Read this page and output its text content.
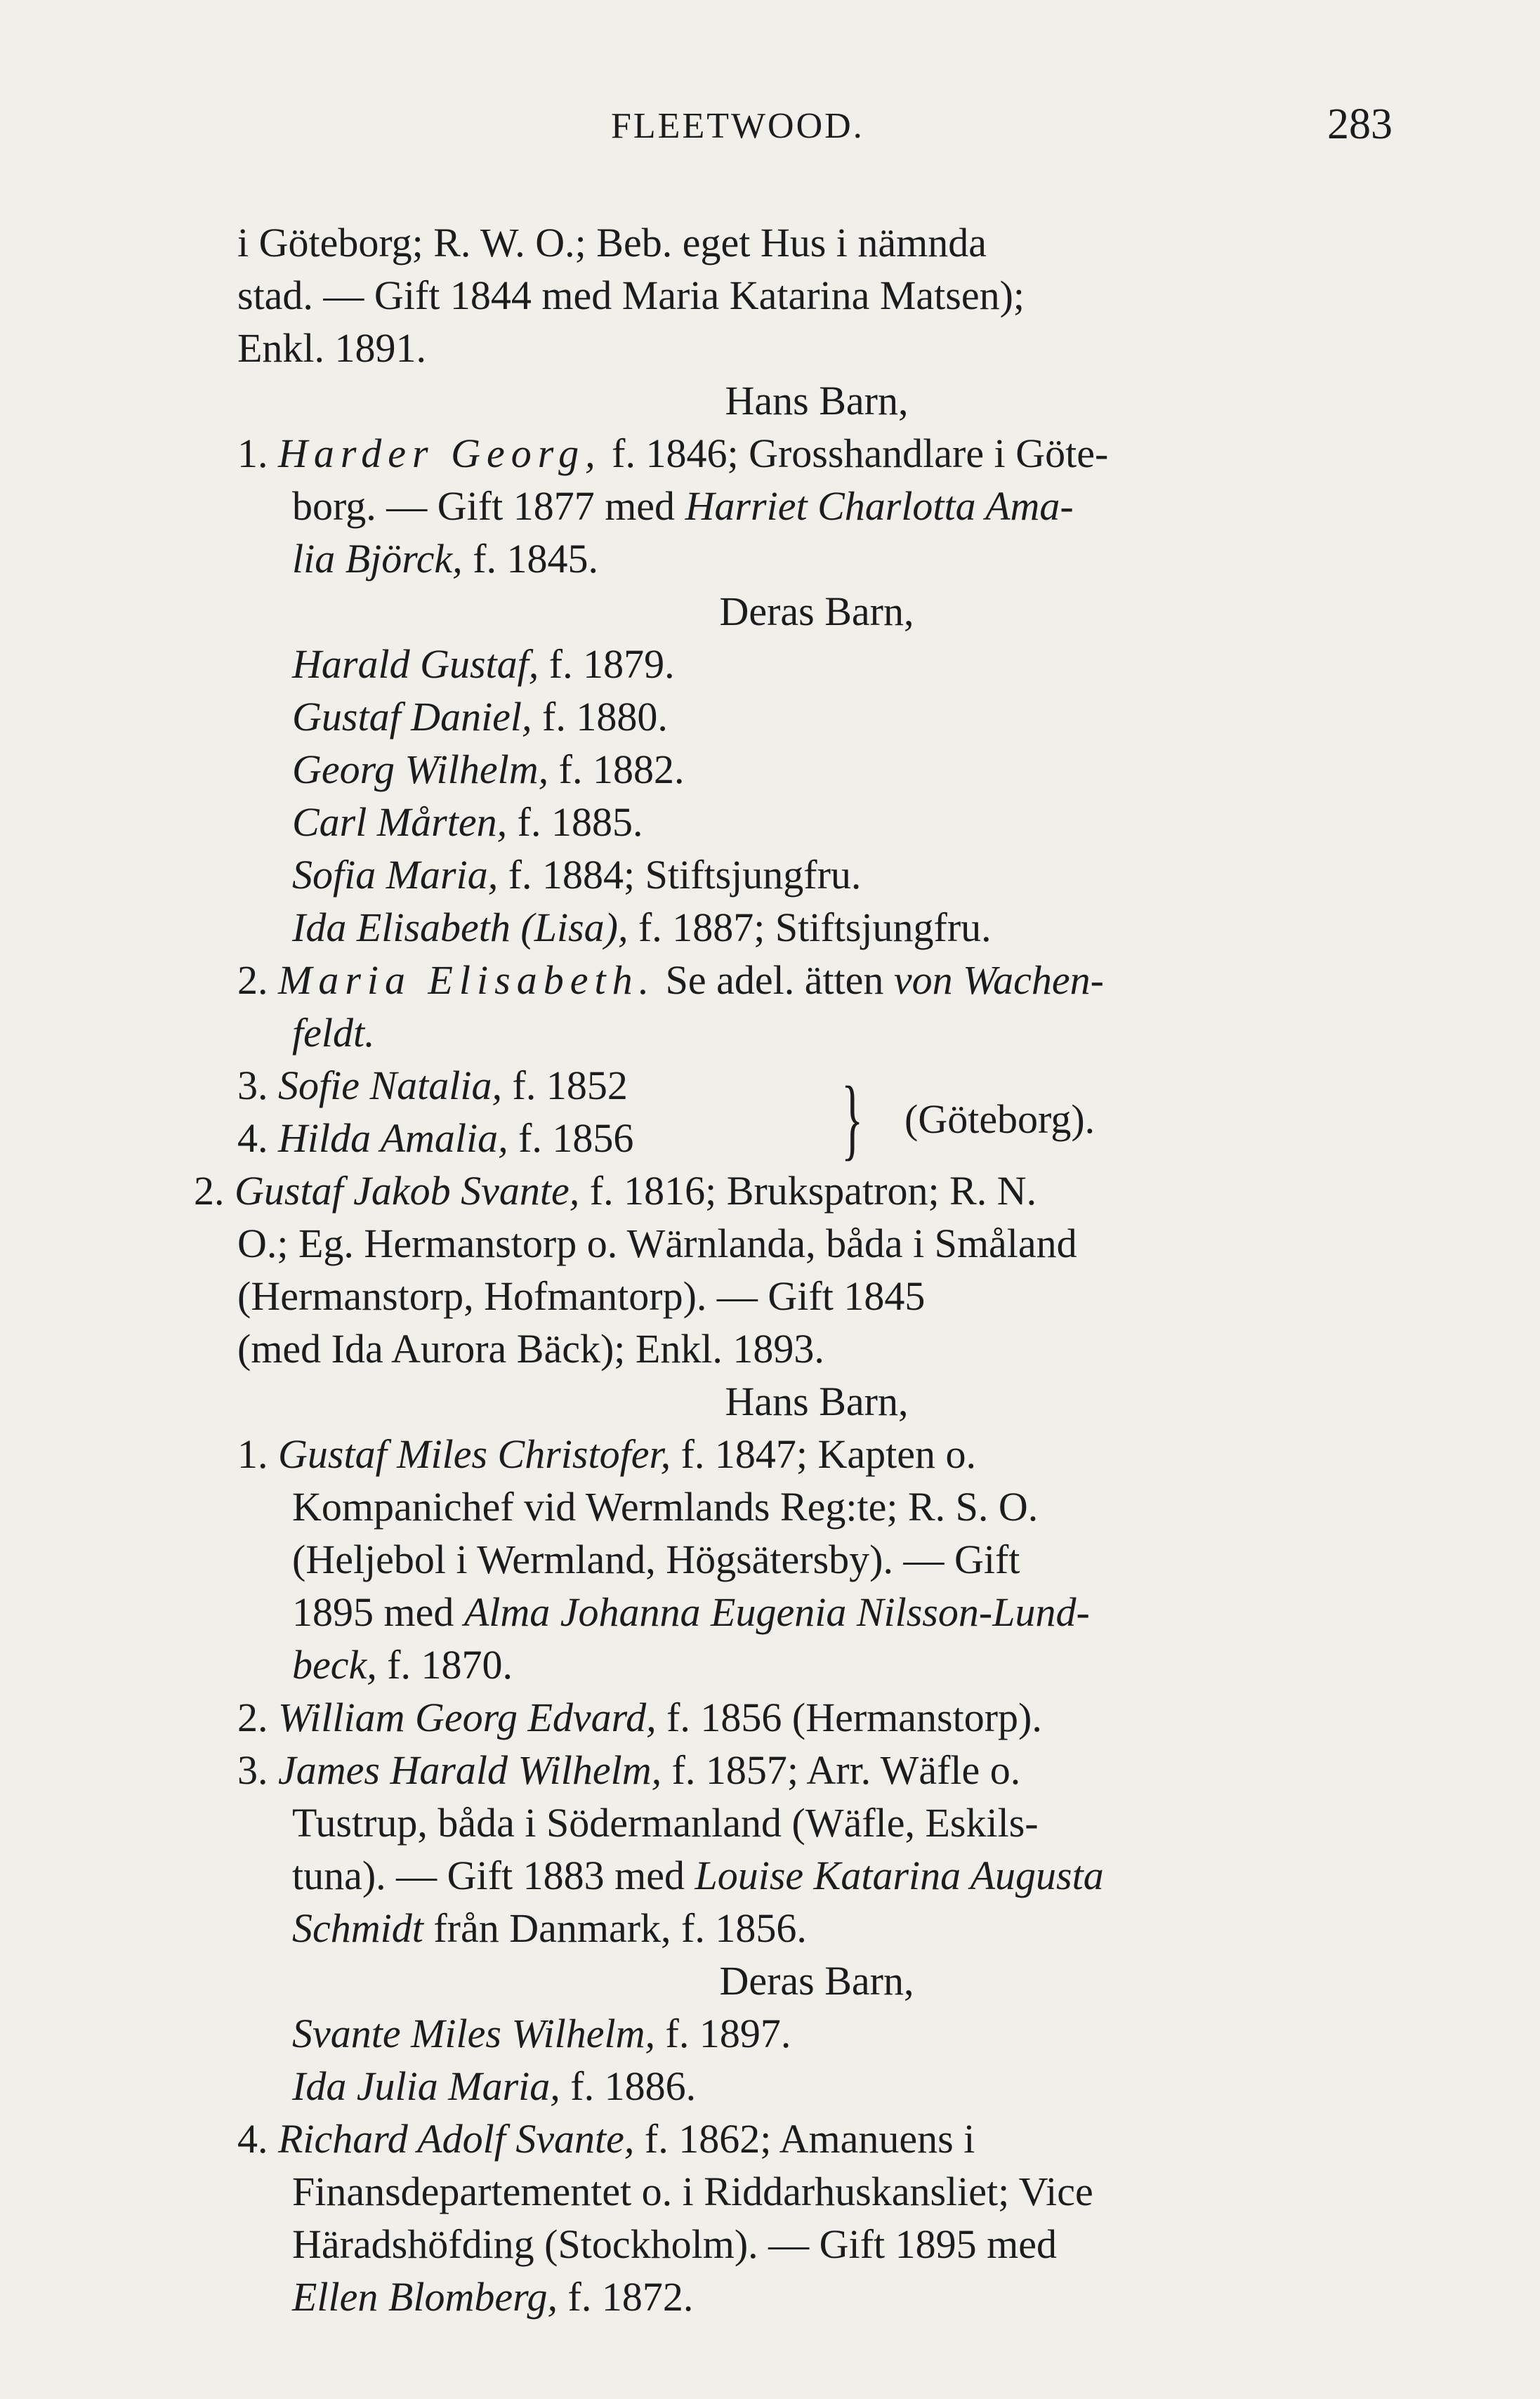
FLEETWOOD.	283
i Göteborg; R. W. O.; Beb. eget Hus i nämnda
stad. — Gift 1844 med Maria Katarina Matsen);
Enkl. 1891.
Hans Barn,
1. Harder Georg, f. 1846; Grosshandlare i Göte-
borg. — Gift 1877 med Harriet Charlotta Ama-
lia Björck, f. 1845.
Deras Barn,
Harald Gustaf, f. 1879.
Gustaf Daniel, f. 1880.
Georg Wilhelm, f. 1882.
Carl Mårten, f. 1885.
Sofia Maria, f. 1884; Stiftsjungfru.
Ida Elisabeth (Lisa), f. 1887; Stiftsjungfru.
2. Maria Elisabeth. Se adel. ätten von Wachen-
feldt.
3. Sofie Natalia, f. 1852
4. Hilda Amalia, f. 1856	} (Göteborg).
2. Gustaf Jakob Svante, f. 1816; Brukspatron; R. N.
O.; Eg. Hermanstorp o. Wärnlanda, båda i Småland
(Hermanstorp, Hofmantorp). — Gift 1845
(med Ida Aurora Bäck); Enkl. 1893.
Hans Barn,
1. Gustaf Miles Christofer, f. 1847; Kapten o.
Kompanichef vid Wermlands Reg:te; R. S. O.
(Heljebol i Wermland, Högsätersby). — Gift
1895 med Alma Johanna Eugenia Nilsson-Lund-
beck, f. 1870.
2. William Georg Edvard, f. 1856 (Hermanstorp).
3. James Harald Wilhelm, f. 1857; Arr. Wäfle o.
Tustrup, båda i Södermanland (Wäfle, Eskils-
tuna). — Gift 1883 med Louise Katarina Augusta
Schmidt från Danmark, f. 1856.
Deras Barn,
Svante Miles Wilhelm, f. 1897.
Ida Julia Maria, f. 1886.
4. Richard Adolf Svante, f. 1862; Amanuens i
Finansdepartementet o. i Riddarhuskansliet; Vice
Häradshöfding (Stockholm). — Gift 1895 med
Ellen Blomberg, f. 1872.
